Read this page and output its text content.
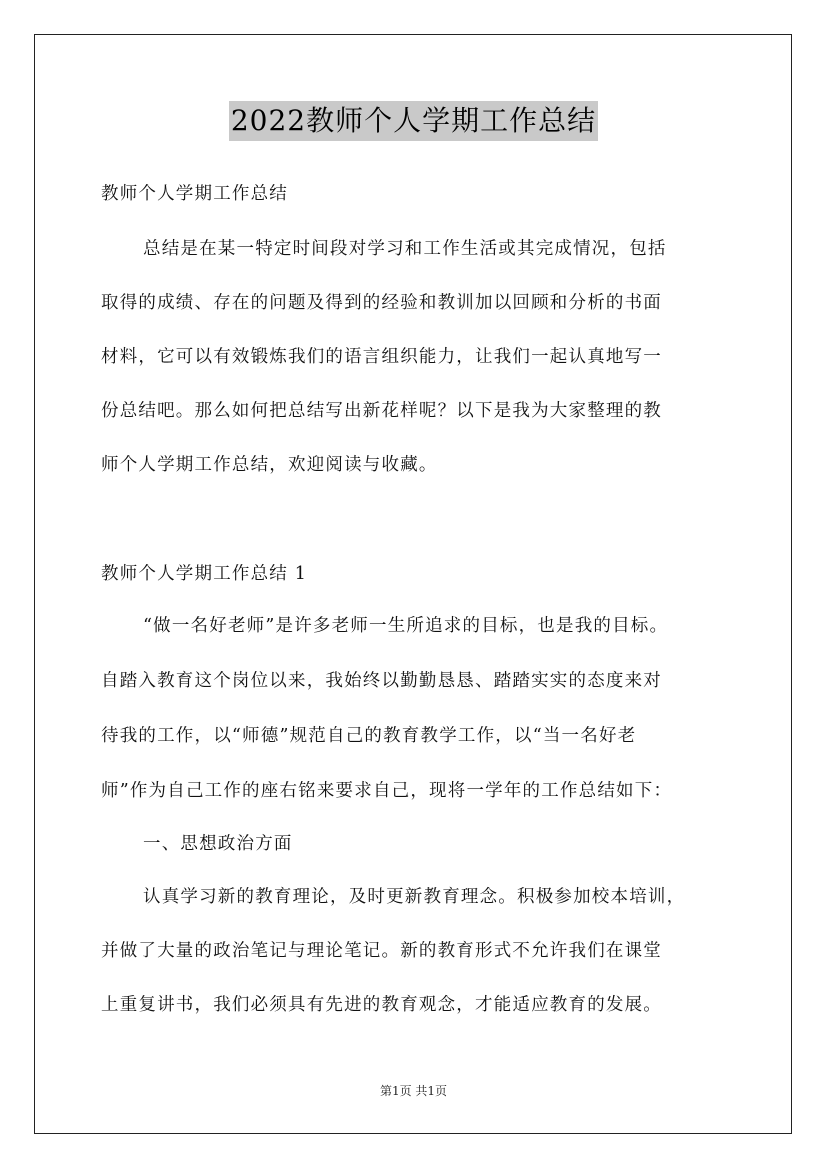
2022教师个人学期工作总结
教师个人学期工作总结
总结是在某一特定时间段对学习和工作生活或其完成情况，包括
取得的成绩、存在的问题及得到的经验和教训加以回顾和分析的书面
材料，它可以有效锻炼我们的语言组织能力，让我们一起认真地写一
份总结吧。那么如何把总结写出新花样呢？以下是我为大家整理的教
师个人学期工作总结，欢迎阅读与收藏。
教师个人学期工作总结 1
“做一名好老师”是许多老师一生所追求的目标，也是我的目标。
自踏入教育这个岗位以来，我始终以勤勤恳恳、踏踏实实的态度来对
待我的工作，以“师德”规范自己的教育教学工作，以“当一名好老
师”作为自己工作的座右铭来要求自己，现将一学年的工作总结如下：
一、思想政治方面
认真学习新的教育理论，及时更新教育理念。积极参加校本培训，
并做了大量的政治笔记与理论笔记。新的教育形式不允许我们在课堂
上重复讲书，我们必须具有先进的教育观念，才能适应教育的发展。
第1页 共1页
